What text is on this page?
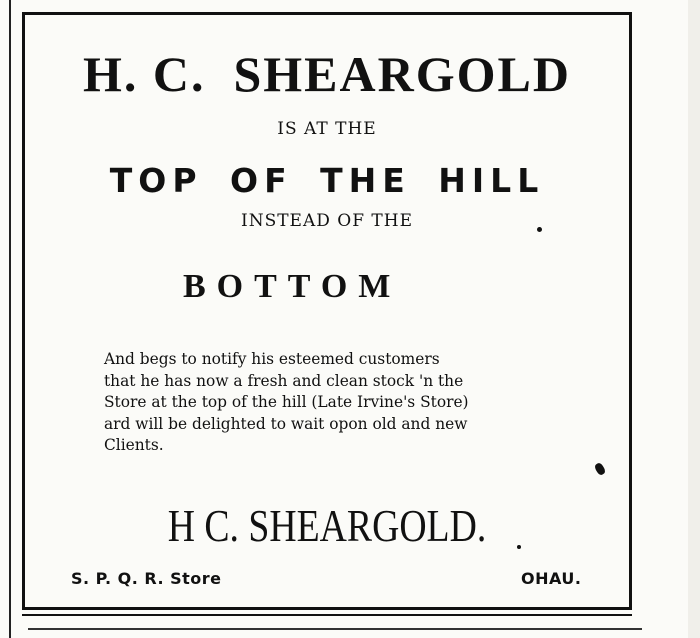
H. C. SHEARGOLD
IS AT THE
TOP OF THE HILL
INSTEAD OF THE
BOTTOM
And begs to notify his esteemed customers
that he has now a fresh and clean stock 'n the
Store at the top of the hill (Late Irvine's Store)
ard will be delighted to wait opon old and new
Clients.
H C. SHEARGOLD.
S. P. Q. R. Store	OHAU.
